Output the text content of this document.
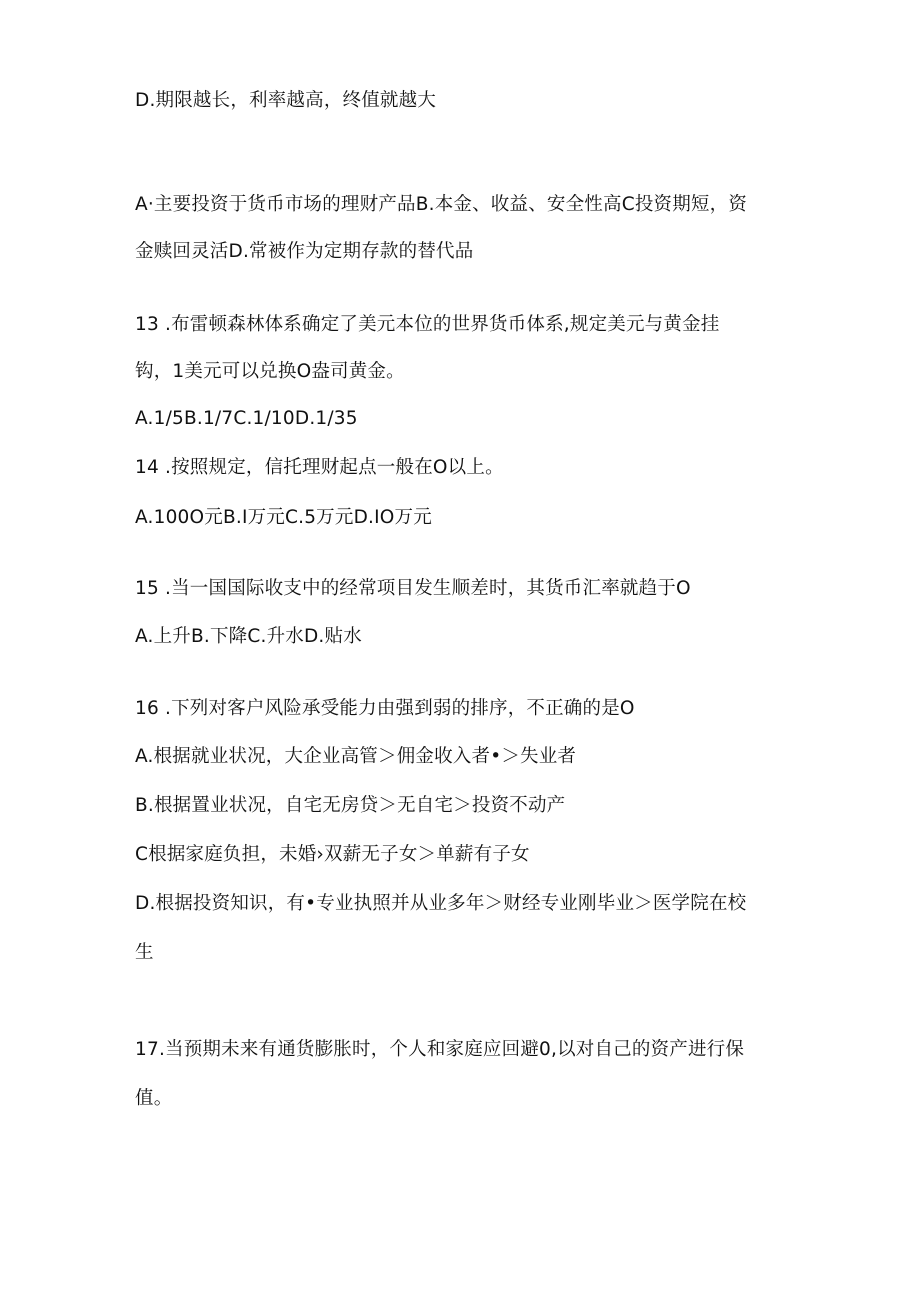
D.期限越长，利率越高，终值就越大
A·主要投资于货币市场的理财产品B.本金、收益、安全性高C投资期短，资
金赎回灵活D.常被作为定期存款的替代品
13 .布雷顿森林体系确定了美元本位的世界货币体系,规定美元与黄金挂
钩，1美元可以兑换O盎司黄金。
A.1/5B.1/7C.1/10D.1/35
14 .按照规定，信托理财起点一般在O以上。
A.100O元B.I万元C.5万元D.IO万元
15 .当一国国际收支中的经常项目发生顺差时，其货币汇率就趋于O
A.上升B.下降C.升水D.贴水
16 .下列对客户风险承受能力由强到弱的排序，不正确的是O
A.根据就业状况，大企业高管＞佣金收入者•＞失业者
B.根据置业状况，自宅无房贷＞无自宅＞投资不动产
C根据家庭负担，未婚›双薪无子女＞单薪有子女
D.根据投资知识，有•专业执照并从业多年＞财经专业刚毕业＞医学院在校
生
17.当预期未来有通货膨胀时，个人和家庭应回避0,以对自己的资产进行保
值。
